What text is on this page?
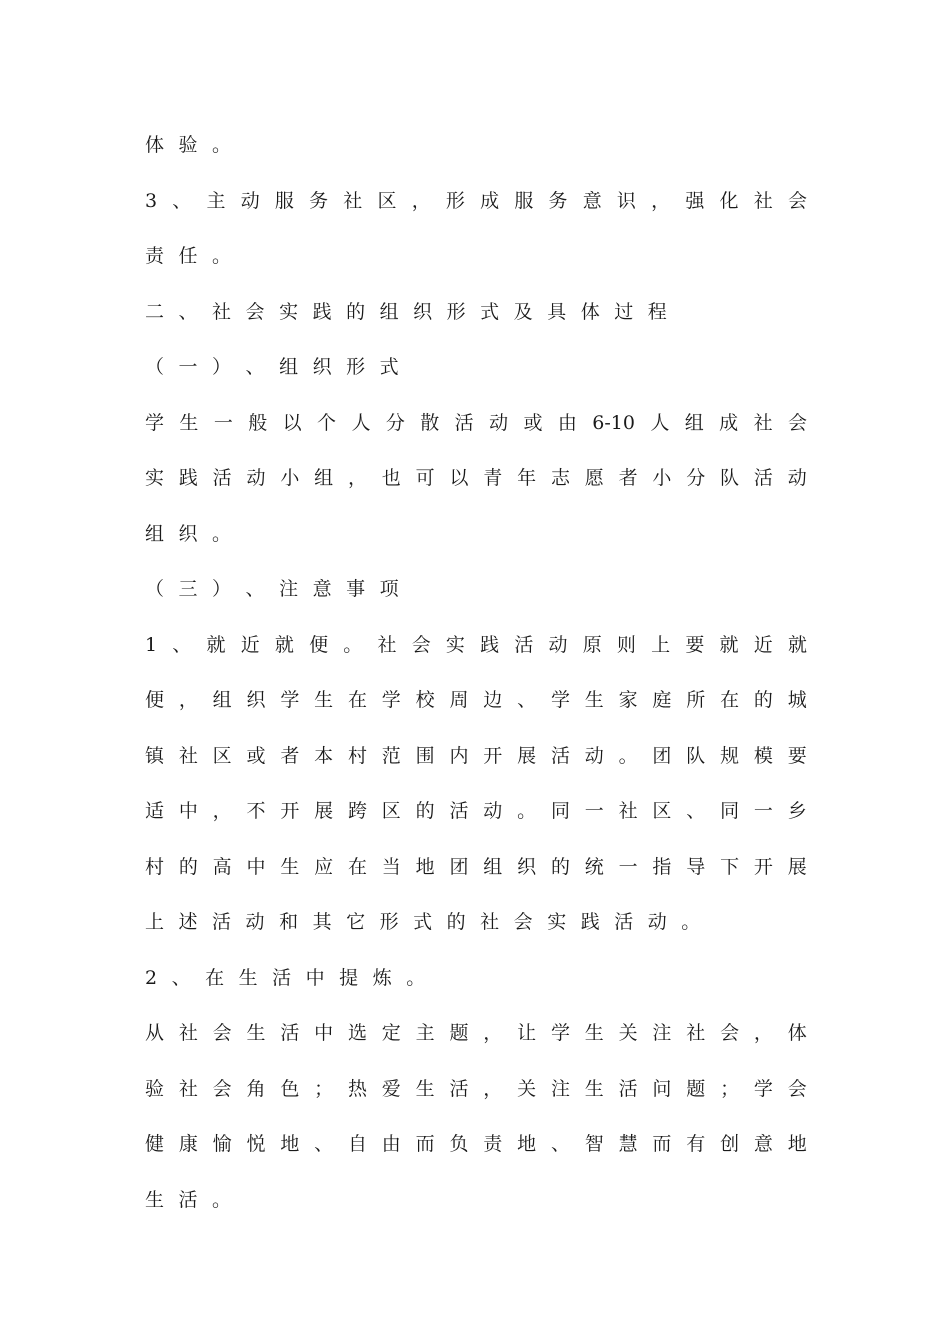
体 验 。
3 、 主 动 服 务 社 区 ， 形 成 服 务 意 识 ， 强 化 社 会
责 任 。
二 、 社 会 实 践 的 组 织 形 式 及 具 体 过 程
（ 一 ） 、 组 织 形 式
学 生 一 般 以 个 人 分 散 活 动 或 由 6-10 人 组 成 社 会
实 践 活 动 小 组 ， 也 可 以 青 年 志 愿 者 小 分 队 活 动
组 织 。
（ 三 ） 、 注 意 事 项
1 、 就 近 就 便 。 社 会 实 践 活 动 原 则 上 要 就 近 就
便 ， 组 织 学 生 在 学 校 周 边 、 学 生 家 庭 所 在 的 城
镇 社 区 或 者 本 村 范 围 内 开 展 活 动 。 团 队 规 模 要
适 中 ， 不 开 展 跨 区 的 活 动 。 同 一 社 区 、 同 一 乡
村 的 高 中 生 应 在 当 地 团 组 织 的 统 一 指 导 下 开 展
上 述 活 动 和 其 它 形 式 的 社 会 实 践 活 动 。
2 、 在 生 活 中 提 炼 。
从 社 会 生 活 中 选 定 主 题 ， 让 学 生 关 注 社 会 ， 体
验 社 会 角 色 ； 热 爱 生 活 ， 关 注 生 活 问 题 ； 学 会
健 康 愉 悦 地 、 自 由 而 负 责 地 、 智 慧 而 有 创 意 地
生 活 。
